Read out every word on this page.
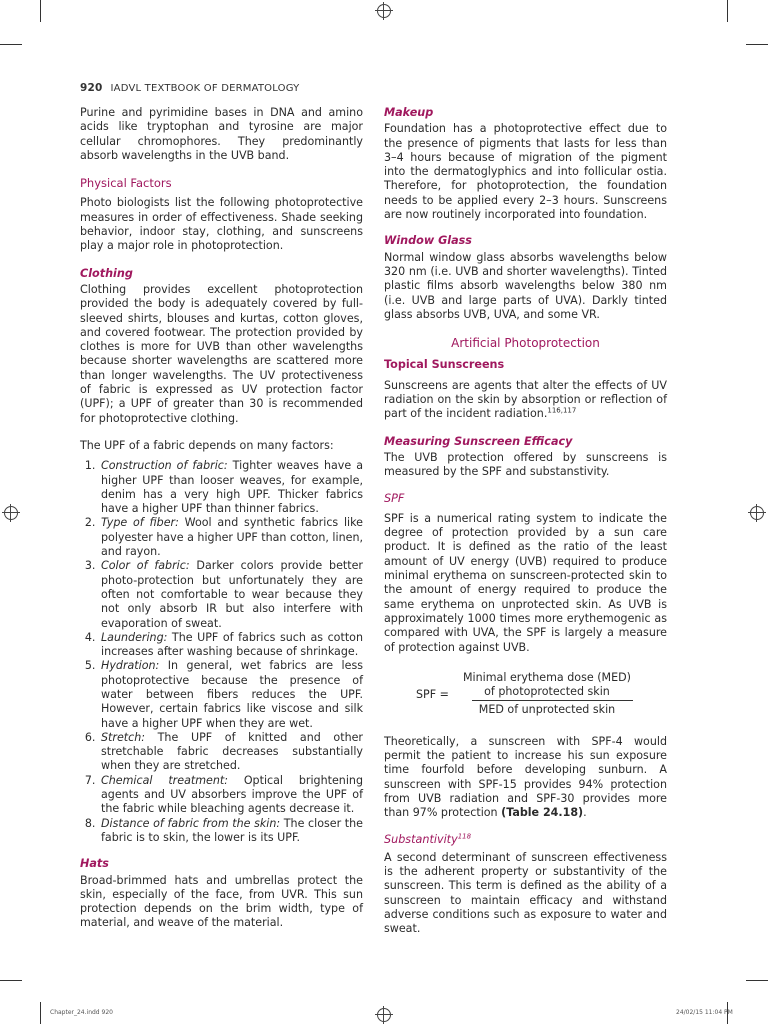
920 IADVL TEXTBOOK OF DERMATOLOGY

Purine and pyrimidine bases in DNA and amino acids like tryptophan and tyrosine are major cellular chromophores. They predominantly absorb wavelengths in the UVB band.

Physical Factors

Photo biologists list the following photoprotective measures in order of effectiveness. Shade seeking behavior, indoor stay, clothing, and sunscreens play a major role in photoprotection.

Clothing

Clothing provides excellent photoprotection provided the body is adequately covered by full-sleeved shirts, blouses and kurtas, cotton gloves, and covered footwear. The protection provided by clothes is more for UVB than other wavelengths because shorter wavelengths are scattered more than longer wavelengths. The UV protectiveness of fabric is expressed as UV protection factor (UPF); a UPF of greater than 30 is recommended for photoprotective clothing.

The UPF of a fabric depends on many factors:

1. Construction of fabric: Tighter weaves have a higher UPF than looser weaves, for example, denim has a very high UPF. Thicker fabrics have a higher UPF than thinner fabrics.
2. Type of fiber: Wool and synthetic fabrics like polyester have a higher UPF than cotton, linen, and rayon.
3. Color of fabric: Darker colors provide better photo-protection but unfortunately they are often not comfortable to wear because they not only absorb IR but also interfere with evaporation of sweat.
4. Laundering: The UPF of fabrics such as cotton increases after washing because of shrinkage.
5. Hydration: In general, wet fabrics are less photoprotective because the presence of water between fibers reduces the UPF. However, certain fabrics like viscose and silk have a higher UPF when they are wet.
6. Stretch: The UPF of knitted and other stretchable fabric decreases substantially when they are stretched.
7. Chemical treatment: Optical brightening agents and UV absorbers improve the UPF of the fabric while bleaching agents decrease it.
8. Distance of fabric from the skin: The closer the fabric is to skin, the lower is its UPF.
Hats

Broad-brimmed hats and umbrellas protect the skin, especially of the face, from UVR. This sun protection depends on the brim width, type of material, and weave of the material.

Makeup

Foundation has a photoprotective effect due to the presence of pigments that lasts for less than 3–4 hours because of migration of the pigment into the dermatoglyphics and into follicular ostia. Therefore, for photoprotection, the foundation needs to be applied every 2–3 hours. Sunscreens are now routinely incorporated into foundation.

Window Glass

Normal window glass absorbs wavelengths below 320 nm (i.e. UVB and shorter wavelengths). Tinted plastic films absorb wavelengths below 380 nm (i.e. UVB and large parts of UVA). Darkly tinted glass absorbs UVB, UVA, and some VR.

Artificial Photoprotection
Topical Sunscreens

Sunscreens are agents that alter the effects of UV radiation on the skin by absorption or reflection of part of the incident radiation.$^{116,117}$

Measuring Sunscreen Efficacy

The UVB protection offered by sunscreens is measured by the SPF and substanstivity.

SPF

SPF is a numerical rating system to indicate the degree of protection provided by a sun care product. It is defined as the ratio of the least amount of UV energy (UVB) required to produce minimal erythema on sunscreen-protected skin to the amount of energy required to produce the same erythema on unprotected skin. As UVB is approximately 1000 times more erythemogenic as compared with UVA, the SPF is largely a measure of protection against UVB.

SPF =
Minimal erythema dose (MED)
of photoprotected skin
MED of unprotected skin

Theoretically, a sunscreen with SPF-4 would permit the patient to increase his sun exposure time fourfold before developing sunburn. A sunscreen with SPF-15 provides 94% protection from UVB radiation and SPF-30 provides more than 97% protection (Table 24.18).

Substantivity$^{118}$

A second determinant of sunscreen effectiveness is the adherent property or substantivity of the sunscreen. This term is defined as the ability of a sunscreen to maintain efficacy and withstand adverse conditions such as exposure to water and sweat.

Chapter_24.indd 920	24/02/15 11:04 PM
